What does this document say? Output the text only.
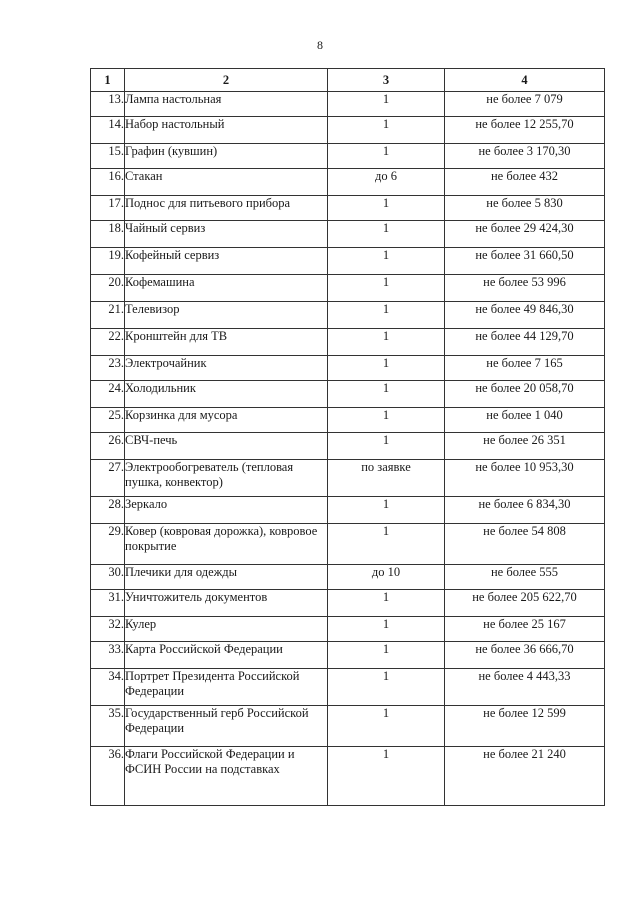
8
1	2	3	4
13.	Лампа настольная	1	не более 7 079
14.	Набор настольный	1	не более 12 255,70
15.	Графин (кувшин)	1	не более 3 170,30
16.	Стакан	до 6	не более 432
17.	Поднос для питьевого прибора	1	не более 5 830
18.	Чайный сервиз	1	не более 29 424,30
19.	Кофейный сервиз	1	не более 31 660,50
20.	Кофемашина	1	не более 53 996
21.	Телевизор	1	не более 49 846,30
22.	Кронштейн для ТВ	1	не более 44 129,70
23.	Электрочайник	1	не более 7 165
24.	Холодильник	1	не более 20 058,70
25.	Корзинка для мусора	1	не более 1 040
26.	СВЧ-печь	1	не более 26 351
27.	Электрообогреватель (тепловая пушка, конвектор)	по заявке	не более 10 953,30
28.	Зеркало	1	не более 6 834,30
29.	Ковер (ковровая дорожка), ковровое покрытие	1	не более 54 808
30.	Плечики для одежды	до 10	не более 555
31.	Уничтожитель документов	1	не более 205 622,70
32.	Кулер	1	не более 25 167
33.	Карта Российской Федерации	1	не более 36 666,70
34.	Портрет Президента Российской Федерации	1	не более 4 443,33
35.	Государственный герб Российской Федерации	1	не более 12 599
36.	Флаги Российской Федерации и ФСИН России на подставках	1	не более 21 240
